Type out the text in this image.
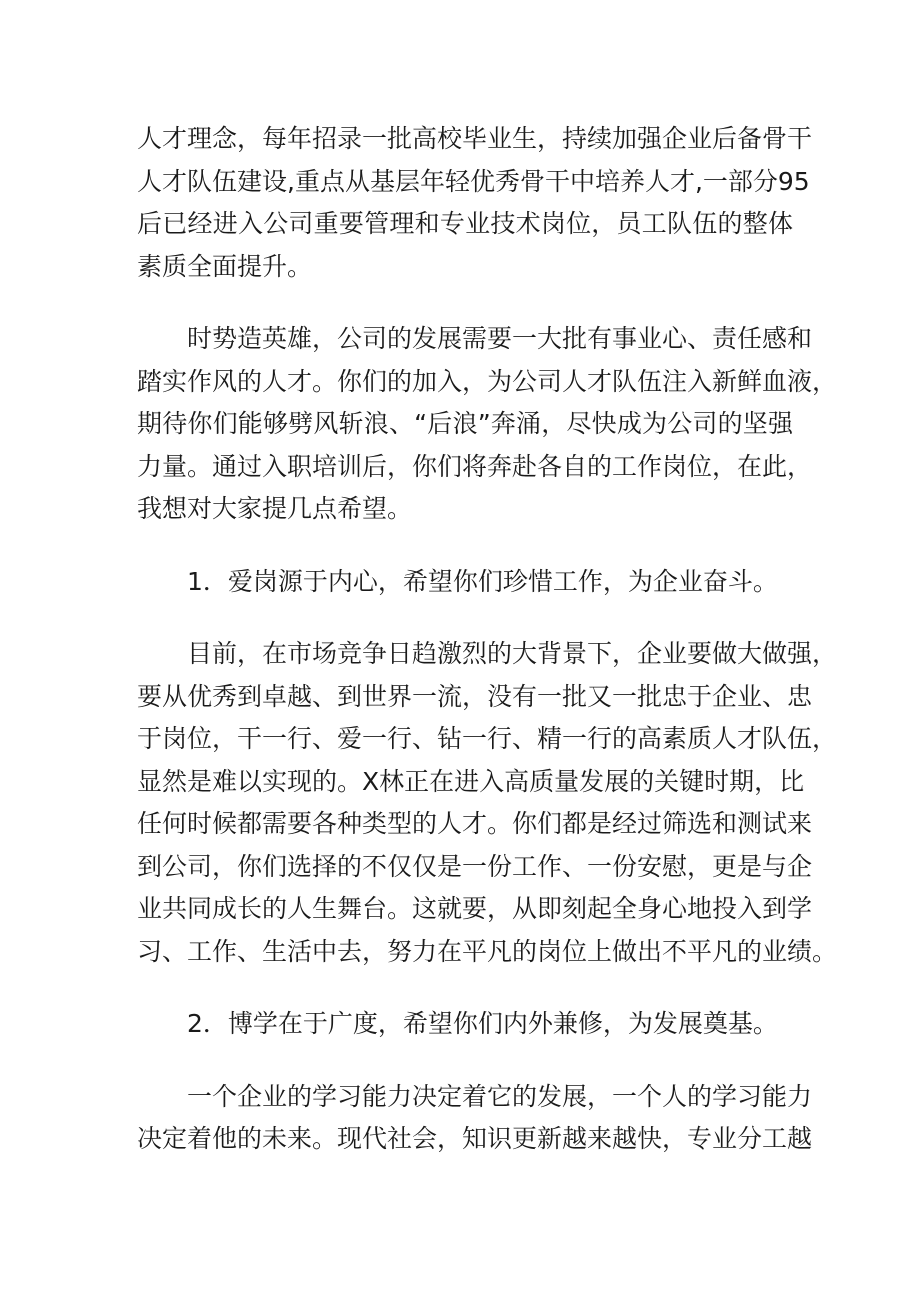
人才理念，每年招录一批高校毕业生，持续加强企业后备骨干
人才队伍建设,重点从基层年轻优秀骨干中培养人才,一部分95
后已经进入公司重要管理和专业技术岗位，员工队伍的整体
素质全面提升。
　　时势造英雄，公司的发展需要一大批有事业心、责任感和
踏实作风的人才。你们的加入，为公司人才队伍注入新鲜血液，
期待你们能够劈风斩浪、“后浪”奔涌，尽快成为公司的坚强
力量。通过入职培训后，你们将奔赴各自的工作岗位，在此，
我想对大家提几点希望。
　　1．爱岗源于内心，希望你们珍惜工作，为企业奋斗。
　　目前，在市场竞争日趋激烈的大背景下，企业要做大做强，
要从优秀到卓越、到世界一流，没有一批又一批忠于企业、忠
于岗位，干一行、爱一行、钻一行、精一行的高素质人才队伍，
显然是难以实现的。X林正在进入高质量发展的关键时期，比
任何时候都需要各种类型的人才。你们都是经过筛选和测试来
到公司，你们选择的不仅仅是一份工作、一份安慰，更是与企
业共同成长的人生舞台。这就要，从即刻起全身心地投入到学
习、工作、生活中去，努力在平凡的岗位上做出不平凡的业绩。
　　2．博学在于广度，希望你们内外兼修，为发展奠基。
　　一个企业的学习能力决定着它的发展，一个人的学习能力
决定着他的未来。现代社会，知识更新越来越快，专业分工越
